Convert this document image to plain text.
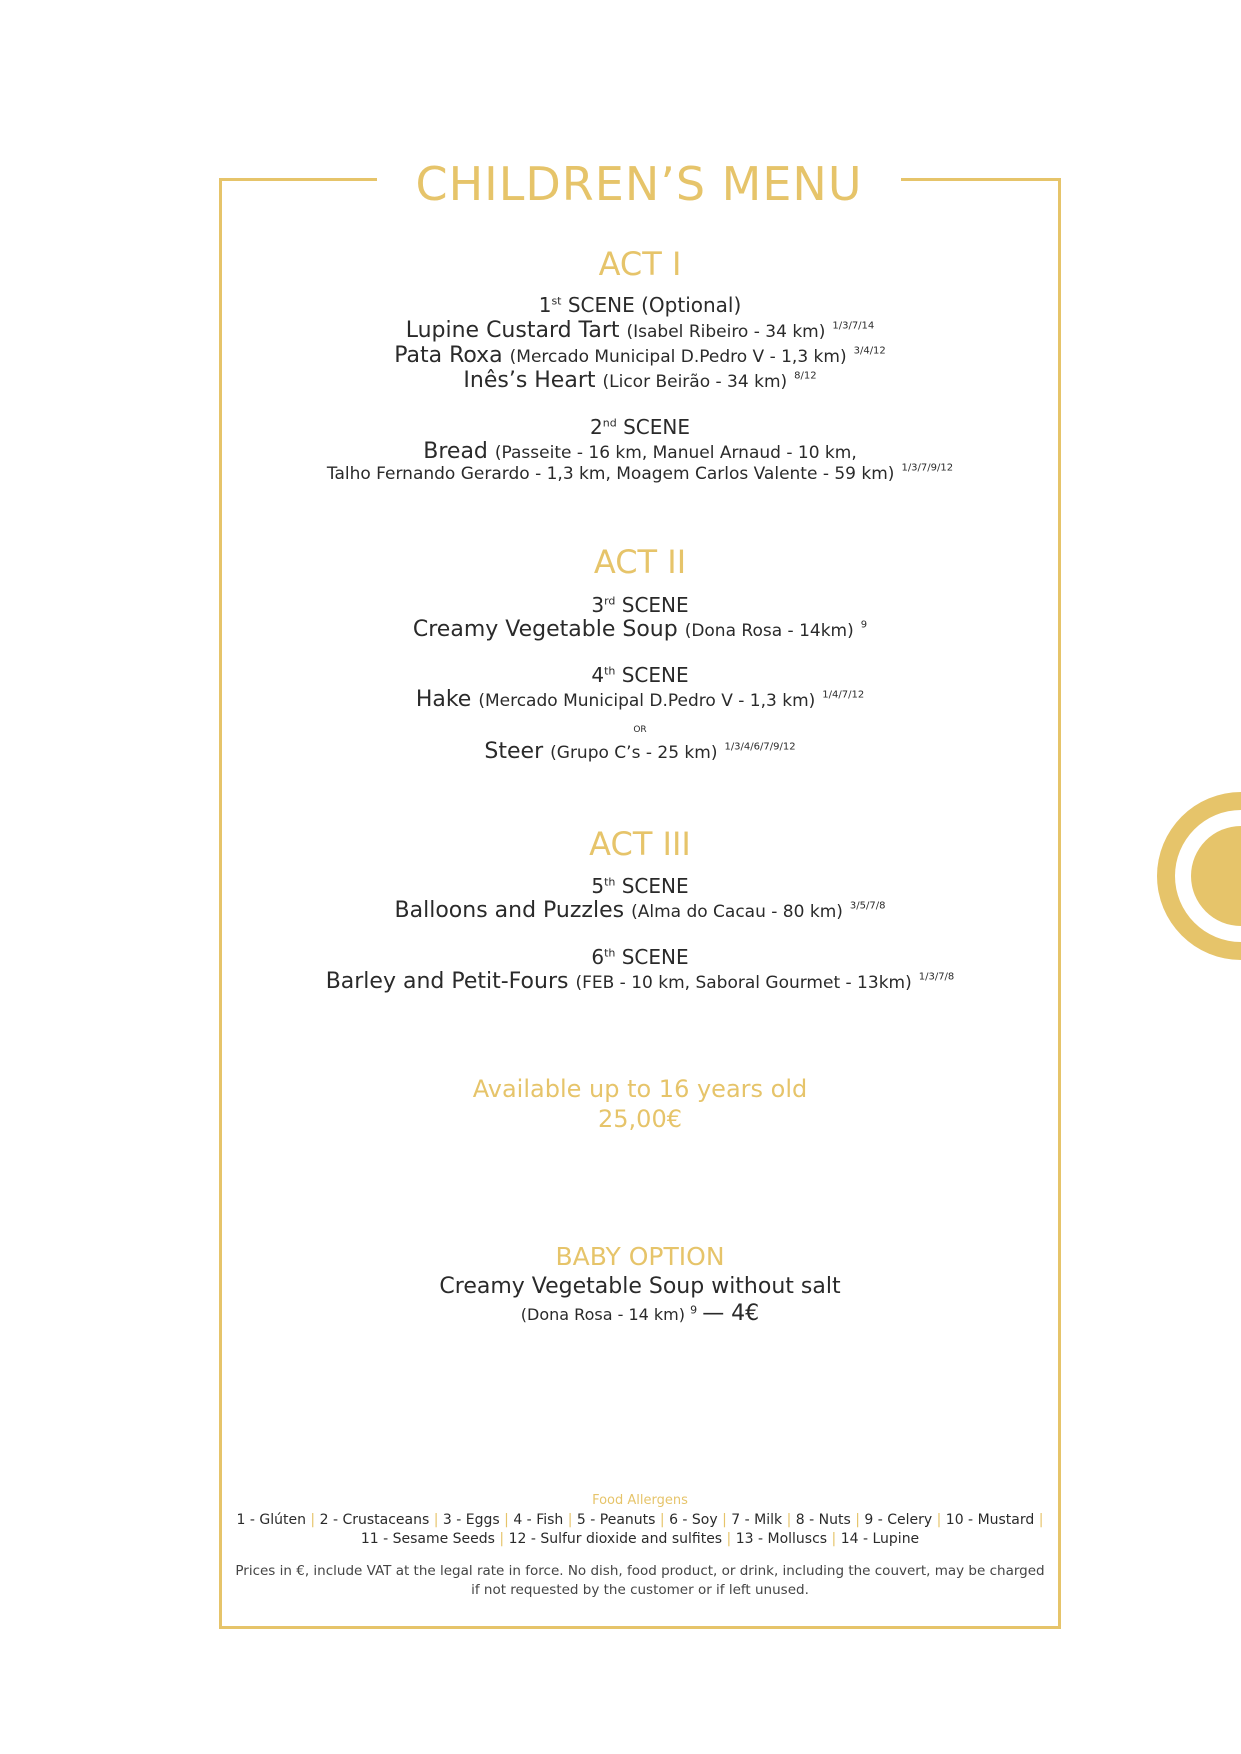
CHILDREN’S MENU
ACT I
1st SCENE (Optional)
Lupine Custard Tart (Isabel Ribeiro - 34 km) $^{1/3/7/14}$
Pata Roxa (Mercado Municipal D.Pedro V - 1,3 km) $^{3/4/12}$
Inês’s Heart (Licor Beirão - 34 km) $^{8/12}$
2nd SCENE
Bread (Passeite - 16 km, Manuel Arnaud - 10 km,
Talho Fernando Gerardo - 1,3 km, Moagem Carlos Valente - 59 km) $^{1/3/7/9/12}$
ACT II
3rd SCENE
Creamy Vegetable Soup (Dona Rosa - 14km) $^9$
4th SCENE
Hake (Mercado Municipal D.Pedro V - 1,3 km) $^{1/4/7/12}$
OR
Steer (Grupo C’s - 25 km) $^{1/3/4/6/7/9/12}$
ACT III
5th SCENE
Balloons and Puzzles (Alma do Cacau - 80 km) $^{3/5/7/8}$
6th SCENE
Barley and Petit-Fours (FEB - 10 km, Saboral Gourmet - 13km) $^{1/3/7/8}$
Available up to 16 years old
25,00€
BABY OPTION
Creamy Vegetable Soup without salt
(Dona Rosa - 14 km) $^9$ — 4€
Food Allergens
1 - Glúten | 2 - Crustaceans | 3 - Eggs | 4 - Fish | 5 - Peanuts | 6 - Soy | 7 - Milk | 8 - Nuts | 9 - Celery | 10 - Mustard |
11 - Sesame Seeds | 12 - Sulfur dioxide and sulfites | 13 - Molluscs | 14 - Lupine
Prices in €, include VAT at the legal rate in force. No dish, food product, or drink, including the couvert, may be charged if not requested by the customer or if left unused.
